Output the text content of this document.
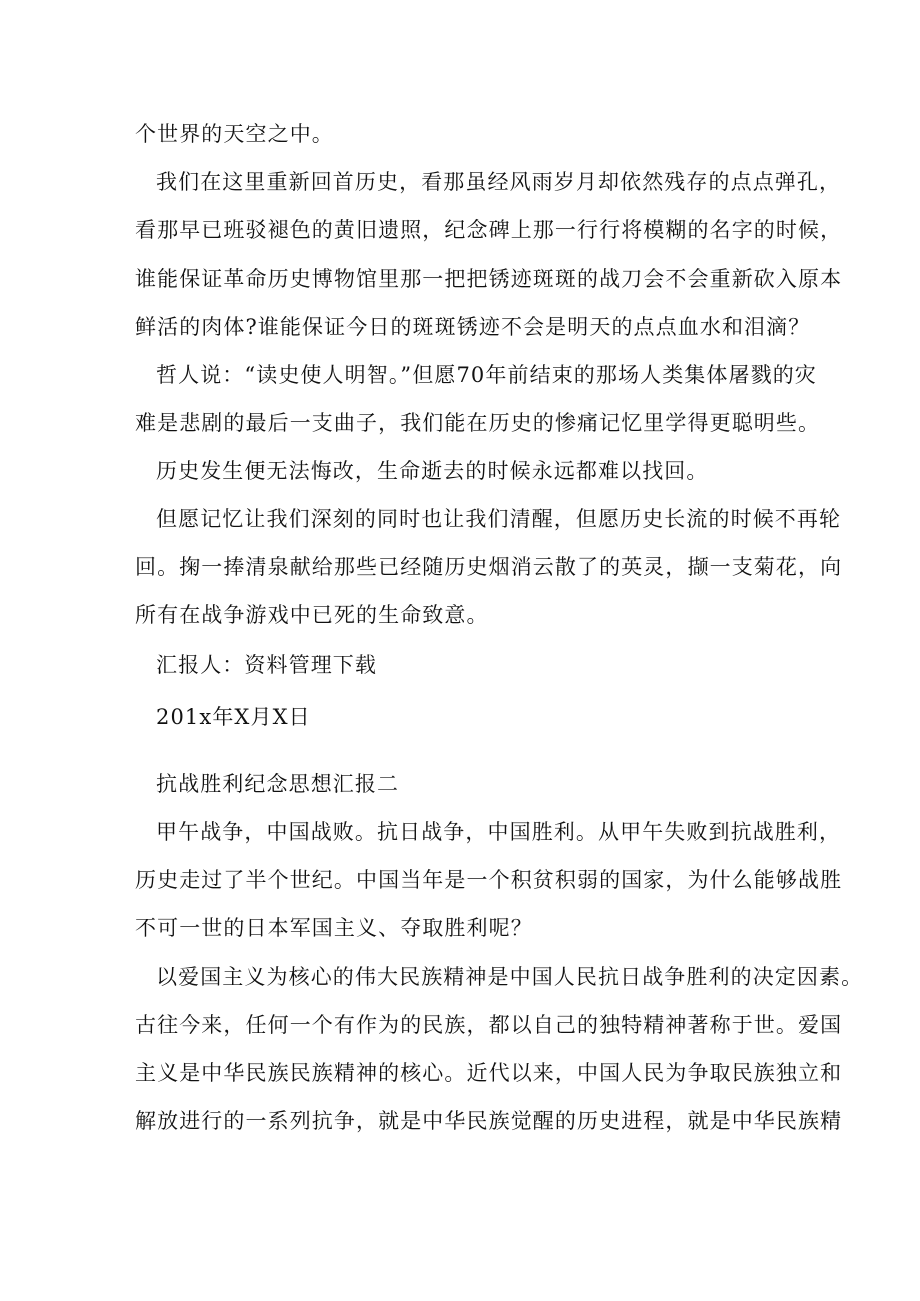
个世界的天空之中。
我们在这里重新回首历史，看那虽经风雨岁月却依然残存的点点弹孔，
看那早已班驳褪色的黄旧遗照，纪念碑上那一行行将模糊的名字的时候，
谁能保证革命历史博物馆里那一把把锈迹斑斑的战刀会不会重新砍入原本
鲜活的肉体?谁能保证今日的斑斑锈迹不会是明天的点点血水和泪滴？
哲人说：“读史使人明智。”但愿70年前结束的那场人类集体屠戮的灾
难是悲剧的最后一支曲子，我们能在历史的惨痛记忆里学得更聪明些。
历史发生便无法悔改，生命逝去的时候永远都难以找回。
但愿记忆让我们深刻的同时也让我们清醒，但愿历史长流的时候不再轮
回。掬一捧清泉献给那些已经随历史烟消云散了的英灵，撷一支菊花，向
所有在战争游戏中已死的生命致意。
汇报人：资料管理下载
201x年X月X日
抗战胜利纪念思想汇报二
甲午战争，中国战败。抗日战争，中国胜利。从甲午失败到抗战胜利，
历史走过了半个世纪。中国当年是一个积贫积弱的国家，为什么能够战胜
不可一世的日本军国主义、夺取胜利呢？
以爱国主义为核心的伟大民族精神是中国人民抗日战争胜利的决定因素。
古往今来，任何一个有作为的民族，都以自己的独特精神著称于世。爱国
主义是中华民族民族精神的核心。近代以来，中国人民为争取民族独立和
解放进行的一系列抗争，就是中华民族觉醒的历史进程，就是中华民族精
